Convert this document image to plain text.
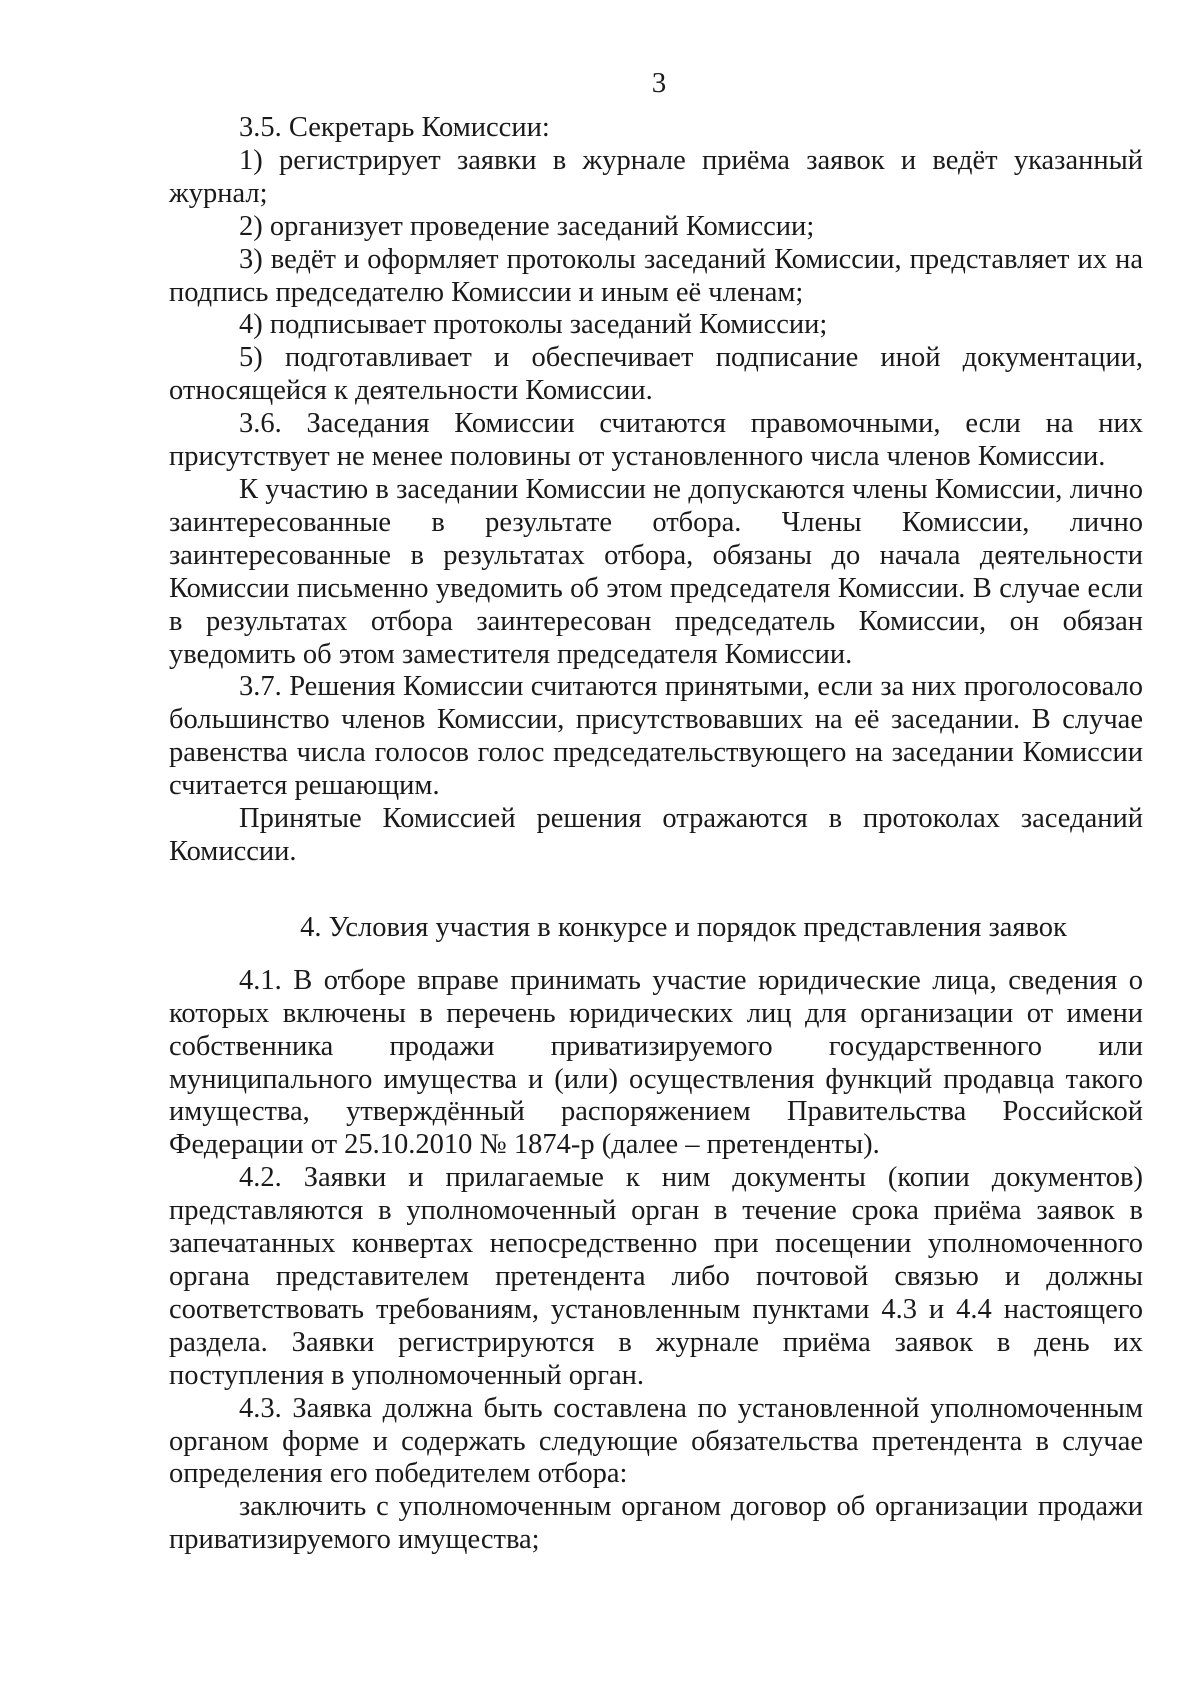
3

3.5. Секретарь Комиссии:

1) регистрирует заявки в журнале приёма заявок и ведёт указанный журнал;

2) организует проведение заседаний Комиссии;

3) ведёт и оформляет протоколы заседаний Комиссии, представляет их на подпись председателю Комиссии и иным её членам;

4) подписывает протоколы заседаний Комиссии;

5) подготавливает и обеспечивает подписание иной документации, относящейся к деятельности Комиссии.

3.6. Заседания Комиссии считаются правомочными, если на них присутствует не менее половины от установленного числа членов Комиссии.

К участию в заседании Комиссии не допускаются члены Комиссии, лично заинтересованные в результате отбора. Члены Комиссии, лично заинтересованные в результатах отбора, обязаны до начала деятельности Комиссии письменно уведомить об этом председателя Комиссии. В случае если в результатах отбора заинтересован председатель Комиссии, он обязан уведомить об этом заместителя председателя Комиссии.

3.7. Решения Комиссии считаются принятыми, если за них проголосовало большинство членов Комиссии, присутствовавших на её заседании. В случае равенства числа голосов голос председательствующего на заседании Комиссии считается решающим.

Принятые Комиссией решения отражаются в протоколах заседаний Комиссии.

4. Условия участия в конкурсе и порядок представления заявок

4.1. В отборе вправе принимать участие юридические лица, сведения о которых включены в перечень юридических лиц для организации от имени собственника продажи приватизируемого государственного или муниципального имущества и (или) осуществления функций продавца такого имущества, утверждённый распоряжением Правительства Российской Федерации от 25.10.2010 № 1874-р (далее – претенденты).

4.2. Заявки и прилагаемые к ним документы (копии документов) представляются в уполномоченный орган в течение срока приёма заявок в запечатанных конвертах непосредственно при посещении уполномоченного органа представителем претендента либо почтовой связью и должны соответствовать требованиям, установленным пунктами 4.3 и 4.4 настоящего раздела. Заявки регистрируются в журнале приёма заявок в день их поступления в уполномоченный орган.

4.3. Заявка должна быть составлена по установленной уполномоченным органом форме и содержать следующие обязательства претендента в случае определения его победителем отбора:

заключить с уполномоченным органом договор об организации продажи приватизируемого имущества;
